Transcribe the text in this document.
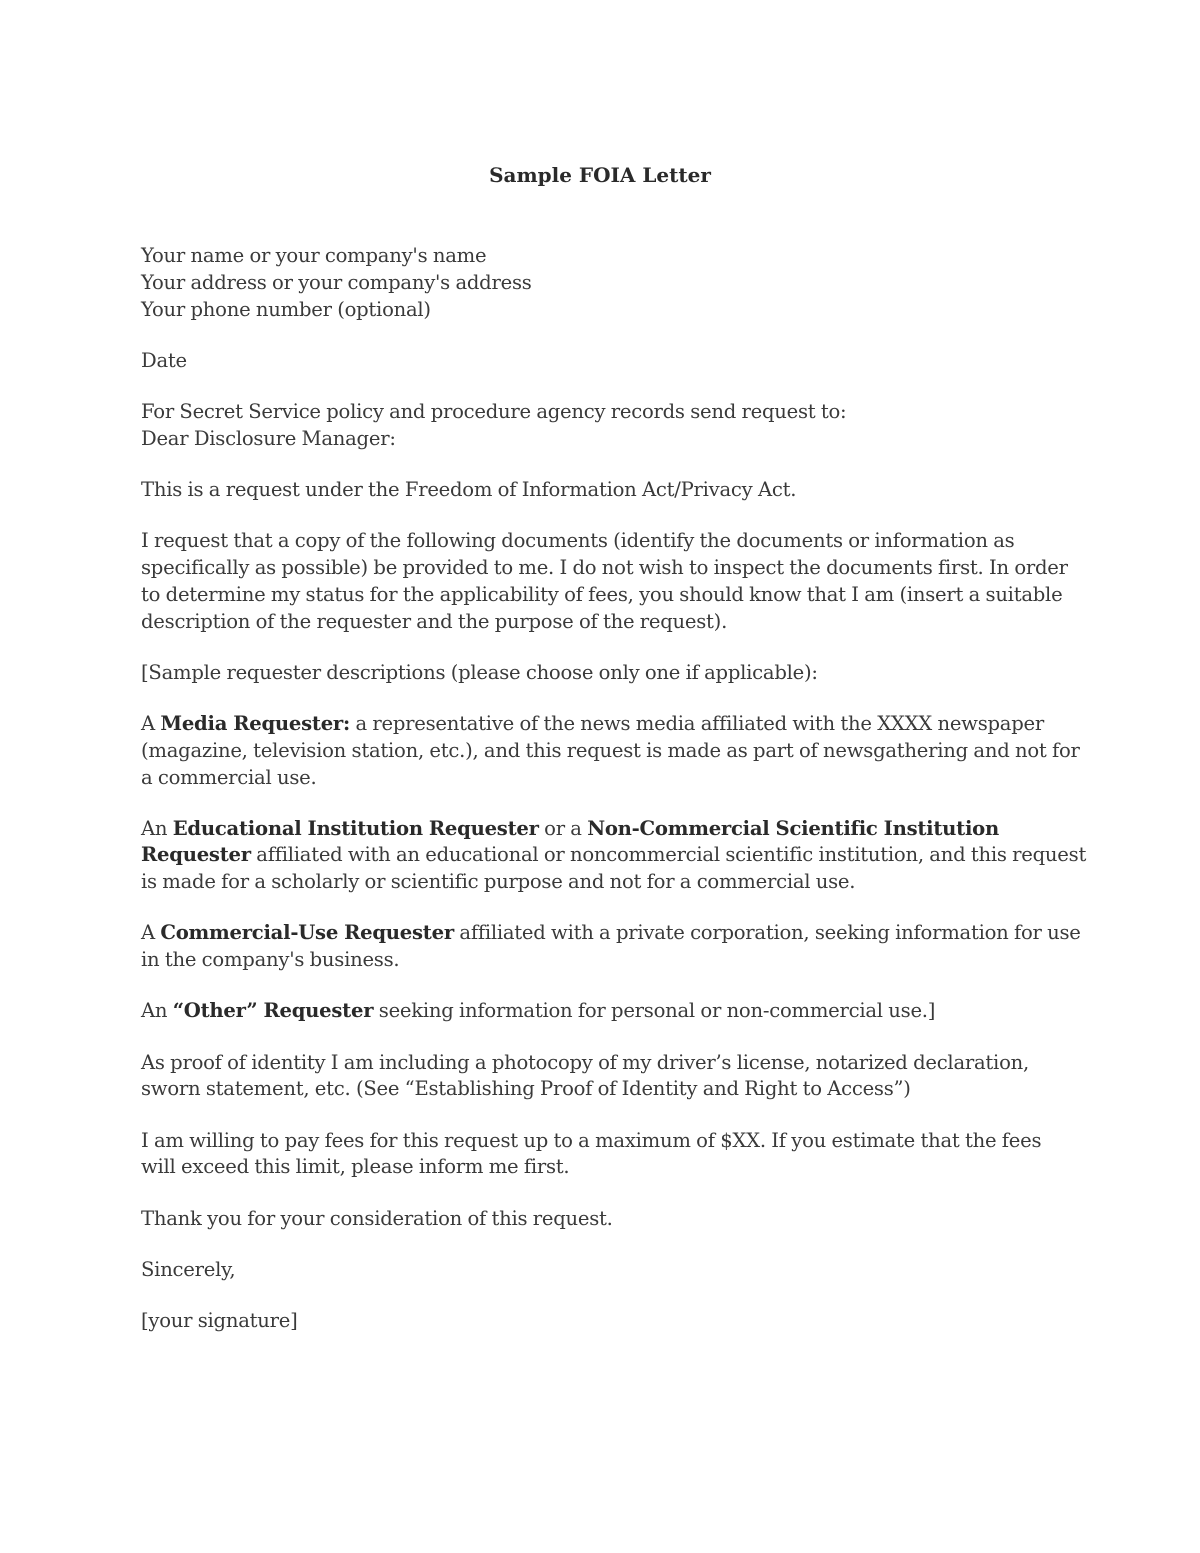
Sample FOIA Letter

Your name or your company's name
Your address or your company's address
Your phone number (optional)

Date

For Secret Service policy and procedure agency records send request to:
Dear Disclosure Manager:

This is a request under the Freedom of Information Act/Privacy Act.

I request that a copy of the following documents (identify the documents or information as
specifically as possible) be provided to me. I do not wish to inspect the documents first. In order
to determine my status for the applicability of fees, you should know that I am (insert a suitable
description of the requester and the purpose of the request).

[Sample requester descriptions (please choose only one if applicable):

A Media Requester: a representative of the news media affiliated with the XXXX newspaper
(magazine, television station, etc.), and this request is made as part of newsgathering and not for
a commercial use.

An Educational Institution Requester or a Non-Commercial Scientific Institution
Requester affiliated with an educational or noncommercial scientific institution, and this request
is made for a scholarly or scientific purpose and not for a commercial use.

A Commercial-Use Requester affiliated with a private corporation, seeking information for use
in the company's business.

An “Other” Requester seeking information for personal or non-commercial use.]

As proof of identity I am including a photocopy of my driver’s license, notarized declaration,
sworn statement, etc. (See “Establishing Proof of Identity and Right to Access”)

I am willing to pay fees for this request up to a maximum of $XX. If you estimate that the fees
will exceed this limit, please inform me first.

Thank you for your consideration of this request.

Sincerely,

[your signature]
